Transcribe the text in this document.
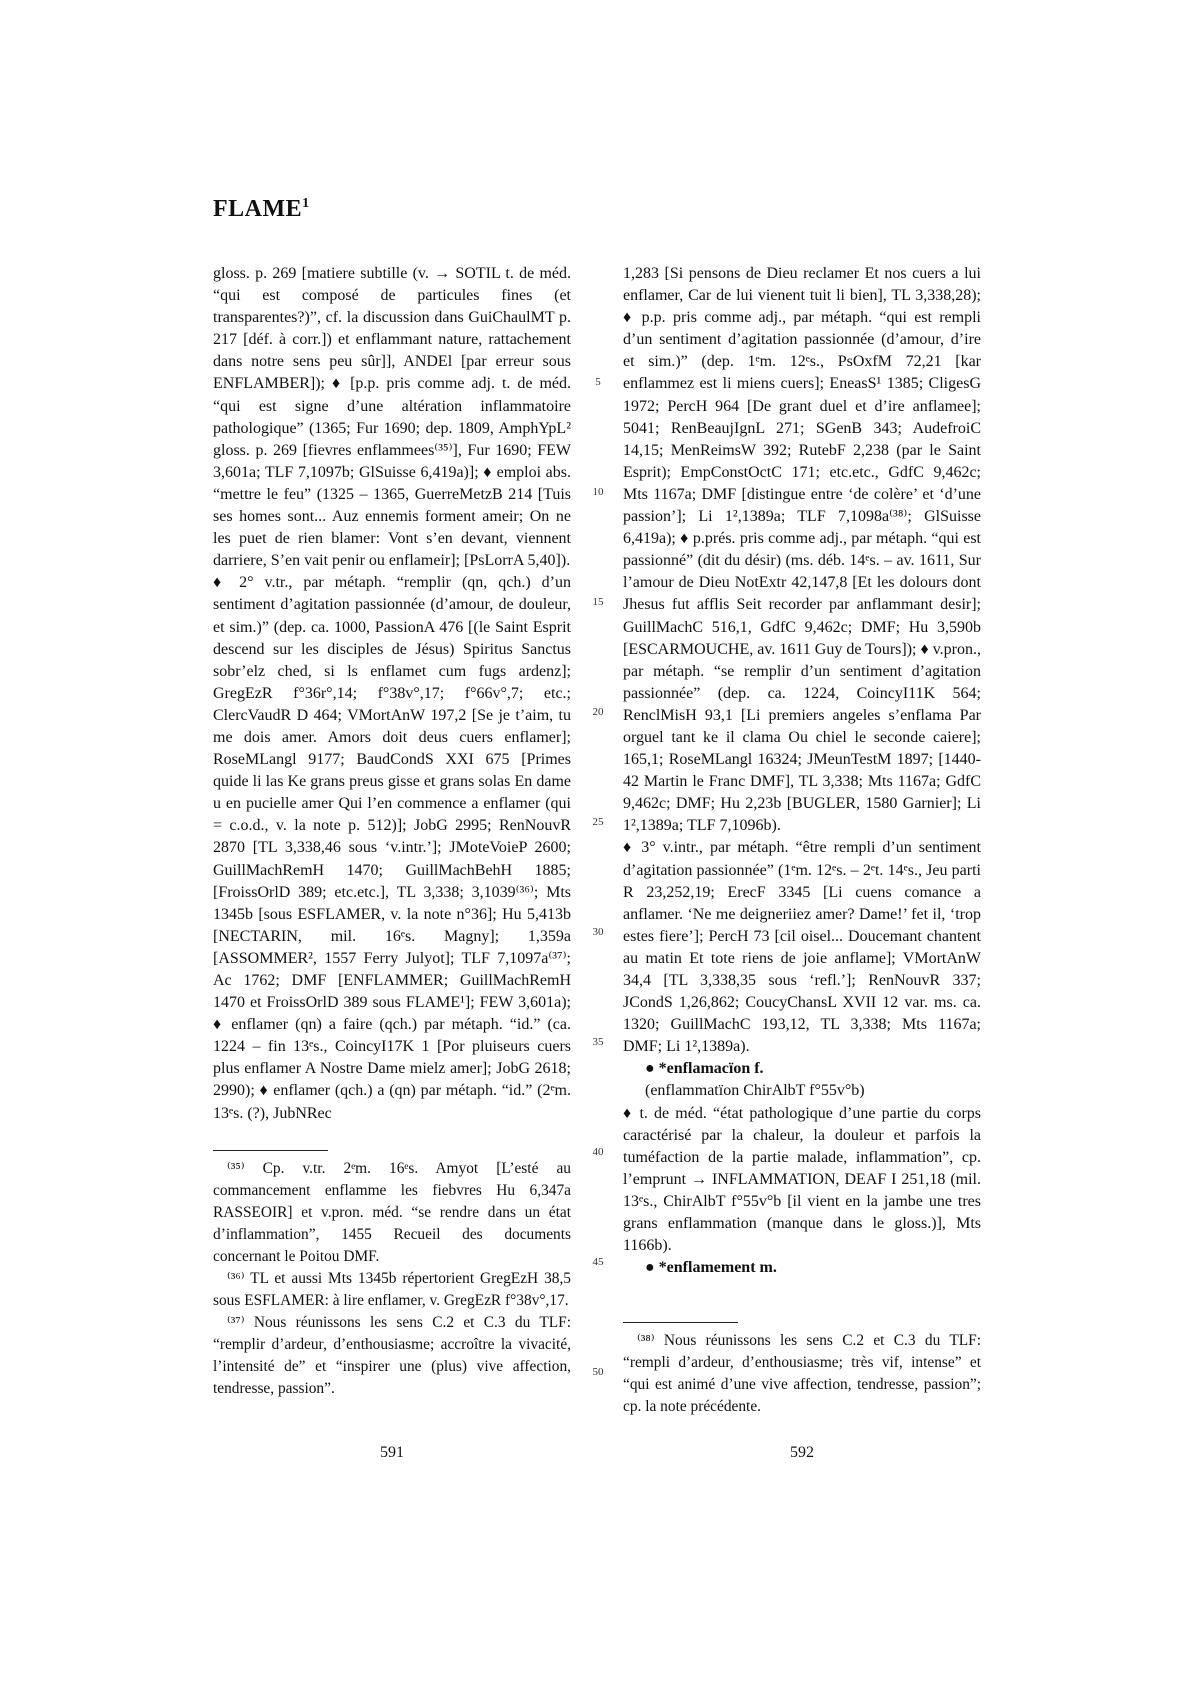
FLAME$^1$

gloss. p. 269 [matiere subtille (v. → SOTIL t. de méd. “qui est composé de particules fines (et transparentes?)”, cf. la discussion dans GuiChaulMT p. 217 [déf. à corr.]) et enflammant nature, rattachement dans notre sens peu sûr]], ANDEl [par erreur sous ENFLAMBER]); ♦ [p.p. pris comme adj. t. de méd. “qui est signe d’une altération inflammatoire pathologique” (1365; Fur 1690; dep. 1809, AmphYpL² gloss. p. 269 [fievres enflammees⁽³⁵⁾], Fur 1690; FEW 3,601a; TLF 7,1097b; GlSuisse 6,419a)]; ♦ emploi abs. “mettre le feu” (1325 – 1365, GuerreMetzB 214 [Tuis ses homes sont... Auz ennemis forment ameir; On ne les puet de rien blamer: Vont s’en devant, viennent darriere, S’en vait penir ou enflameir]; [PsLorrA 5,40]).

♦ 2° v.tr., par métaph. “remplir (qn, qch.) d’un sentiment d’agitation passionnée (d’amour, de douleur, et sim.)” (dep. ca. 1000, PassionA 476 [(le Saint Esprit descend sur les disciples de Jésus) Spiritus Sanctus sobr’elz ched, si ls enflamet cum fugs ardenz]; GregEzR f°36r°,14; f°38v°,17; f°66v°,7; etc.; ClercVaudR D 464; VMortAnW 197,2 [Se je t’aim, tu me dois amer. Amors doit deus cuers enflamer]; RoseMLangl 9177; BaudCondS XXI 675 [Primes quide li las Ke grans preus gisse et grans solas En dame u en pucielle amer Qui l’en commence a enflamer (qui = c.o.d., v. la note p. 512)]; JobG 2995; RenNouvR 2870 [TL 3,338,46 sous ‘v.intr.’]; JMoteVoieP 2600; GuillMachRemH 1470; GuillMachBehH 1885; [FroissOrlD 389; etc.etc.], TL 3,338; 3,1039⁽³⁶⁾; Mts 1345b [sous ESFLAMER, v. la note n°36]; Hu 5,413b [NECTARIN, mil. 16ᵉs. Magny]; 1,359a [ASSOMMER², 1557 Ferry Julyot]; TLF 7,1097a⁽³⁷⁾; Ac 1762; DMF [ENFLAMMER; GuillMachRemH 1470 et FroissOrlD 389 sous FLAME¹]; FEW 3,601a); ♦ enflamer (qn) a faire (qch.) par métaph. “id.” (ca. 1224 – fin 13ᵉs., CoincyI17K 1 [Por pluiseurs cuers plus enflamer A Nostre Dame mielz amer]; JobG 2618; 2990); ♦ enflamer (qch.) a (qn) par métaph. “id.” (2ᵉm. 13ᵉs. (?), JubNRec

1,283 [Si pensons de Dieu reclamer Et nos cuers a lui enflamer, Car de lui vienent tuit li bien], TL 3,338,28); ♦ p.p. pris comme adj., par métaph. “qui est rempli d’un sentiment d’agitation passionnée (d’amour, d’ire et sim.)” (dep. 1ᵉm. 12ᵉs., PsOxfM 72,21 [kar enflammez est li miens cuers]; EneasS¹ 1385; CligesG 1972; PercH 964 [De grant duel et d’ire anflamee]; 5041; RenBeaujIgnL 271; SGenB 343; AudefroiC 14,15; MenReimsW 392; RutebF 2,238 (par le Saint Esprit); EmpConstOctC 171; etc.etc., GdfC 9,462c; Mts 1167a; DMF [distingue entre ‘de colère’ et ‘d’une passion’]; Li 1²,1389a; TLF 7,1098a⁽³⁸⁾; GlSuisse 6,419a); ♦ p.prés. pris comme adj., par métaph. “qui est passionné” (dit du désir) (ms. déb. 14ᵉs. – av. 1611, Sur l’amour de Dieu NotExtr 42,147,8 [Et les dolours dont Jhesus fut afflis Seit recorder par anflammant desir]; GuillMachC 516,1, GdfC 9,462c; DMF; Hu 3,590b [ESCARMOUCHE, av. 1611 Guy de Tours]); ♦ v.pron., par métaph. “se remplir d’un sentiment d’agitation passionnée” (dep. ca. 1224, CoincyI11K 564; RenclMisH 93,1 [Li premiers angeles s’enflama Par orguel tant ke il clama Ou chiel le seconde caiere]; 165,1; RoseMLangl 16324; JMeunTestM 1897; [1440-42 Martin le Franc DMF], TL 3,338; Mts 1167a; GdfC 9,462c; DMF; Hu 2,23b [BUGLER, 1580 Garnier]; Li 1²,1389a; TLF 7,1096b).

♦ 3° v.intr., par métaph. “être rempli d’un sentiment d’agitation passionnée” (1ᵉm. 12ᵉs. – 2ᵉt. 14ᵉs., Jeu parti R 23,252,19; ErecF 3345 [Li cuens comance a anflamer. ‘Ne me deigneriiez amer? Dame!’ fet il, ‘trop estes fiere’]; PercH 73 [cil oisel... Doucemant chantent au matin Et tote riens de joie anflame]; VMortAnW 34,4 [TL 3,338,35 sous ‘refl.’]; RenNouvR 337; JCondS 1,26,862; CoucyChansL XVII 12 var. ms. ca. 1320; GuillMachC 193,12, TL 3,338; Mts 1167a; DMF; Li 1²,1389a).

● *enflamacïon f.

(enflammatïon ChirAlbT f°55v°b)

♦ t. de méd. “état pathologique d’une partie du corps caractérisé par la chaleur, la douleur et parfois la tuméfaction de la partie malade, inflammation”, cp. l’emprunt → INFLAMMATION, DEAF I 251,18 (mil. 13ᵉs., ChirAlbT f°55v°b [il vient en la jambe une tres grans enflammation (manque dans le gloss.)], Mts 1166b).

● *enflamement m.

5
10
15
20
25
30
35
40
45
50

⁽³⁵⁾ Cp. v.tr. 2ᵉm. 16ᵉs. Amyot [L’esté au commancement enflamme les fiebvres Hu 6,347a RASSEOIR] et v.pron. méd. “se rendre dans un état d’inflammation”, 1455 Recueil des documents concernant le Poitou DMF.

⁽³⁶⁾ TL et aussi Mts 1345b répertorient GregEzH 38,5 sous ESFLAMER: à lire enflamer, v. GregEzR f°38v°,17.

⁽³⁷⁾ Nous réunissons les sens C.2 et C.3 du TLF: “remplir d’ardeur, d’enthousiasme; accroître la vivacité, l’intensité de” et “inspirer une (plus) vive affection, tendresse, passion”.

⁽³⁸⁾ Nous réunissons les sens C.2 et C.3 du TLF: “rempli d’ardeur, d’enthousiasme; très vif, intense” et “qui est animé d’une vive affection, tendresse, passion”; cp. la note précédente.

591	592
